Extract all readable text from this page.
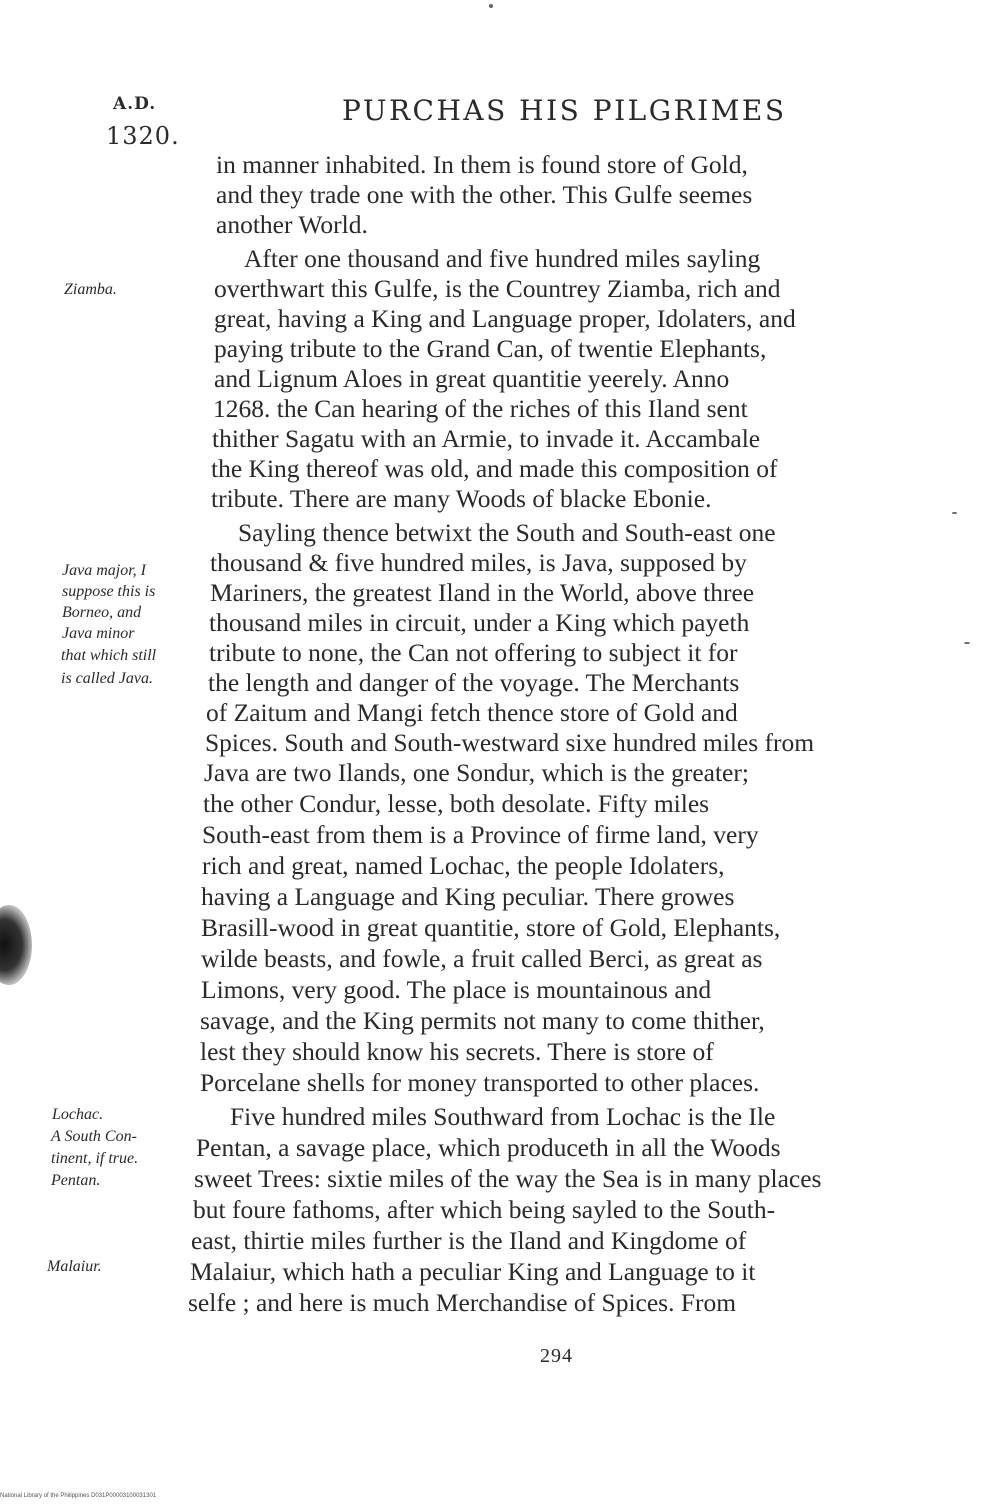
A.D.
1320.
PURCHAS HIS PILGRIMES
in manner inhabited. In them is found store of Gold,
and they trade one with the other. This Gulfe seemes
another World.
After one thousand and five hundred miles sayling
overthwart this Gulfe, is the Countrey Ziamba, rich and
great, having a King and Language proper, Idolaters, and
paying tribute to the Grand Can, of twentie Elephants,
and Lignum Aloes in great quantitie yeerely. Anno
1268. the Can hearing of the riches of this Iland sent
thither Sagatu with an Armie, to invade it. Accambale
the King thereof was old, and made this composition of
tribute. There are many Woods of blacke Ebonie.
Sayling thence betwixt the South and South-east one
thousand & five hundred miles, is Java, supposed by
Mariners, the greatest Iland in the World, above three
thousand miles in circuit, under a King which payeth
tribute to none, the Can not offering to subject it for
the length and danger of the voyage. The Merchants
of Zaitum and Mangi fetch thence store of Gold and
Spices. South and South-westward sixe hundred miles from
Java are two Ilands, one Sondur, which is the greater;
the other Condur, lesse, both desolate. Fifty miles
South-east from them is a Province of firme land, very
rich and great, named Lochac, the people Idolaters,
having a Language and King peculiar. There growes
Brasill-wood in great quantitie, store of Gold, Elephants,
wilde beasts, and fowle, a fruit called Berci, as great as
Limons, very good. The place is mountainous and
savage, and the King permits not many to come thither,
lest they should know his secrets. There is store of
Porcelane shells for money transported to other places.
Five hundred miles Southward from Lochac is the Ile
Pentan, a savage place, which produceth in all the Woods
sweet Trees: sixtie miles of the way the Sea is in many places
but foure fathoms, after which being sayled to the South-
east, thirtie miles further is the Iland and Kingdome of
Malaiur, which hath a peculiar King and Language to it
selfe ; and here is much Merchandise of Spices. From
Ziamba.
Java major, I
suppose this is
Borneo, and
Java minor
that which still
is called Java.
Lochac.
A South Con-
tinent, if true.
Pentan.
Malaiur.
294
National Library of the Philippines D031P00003100031301
